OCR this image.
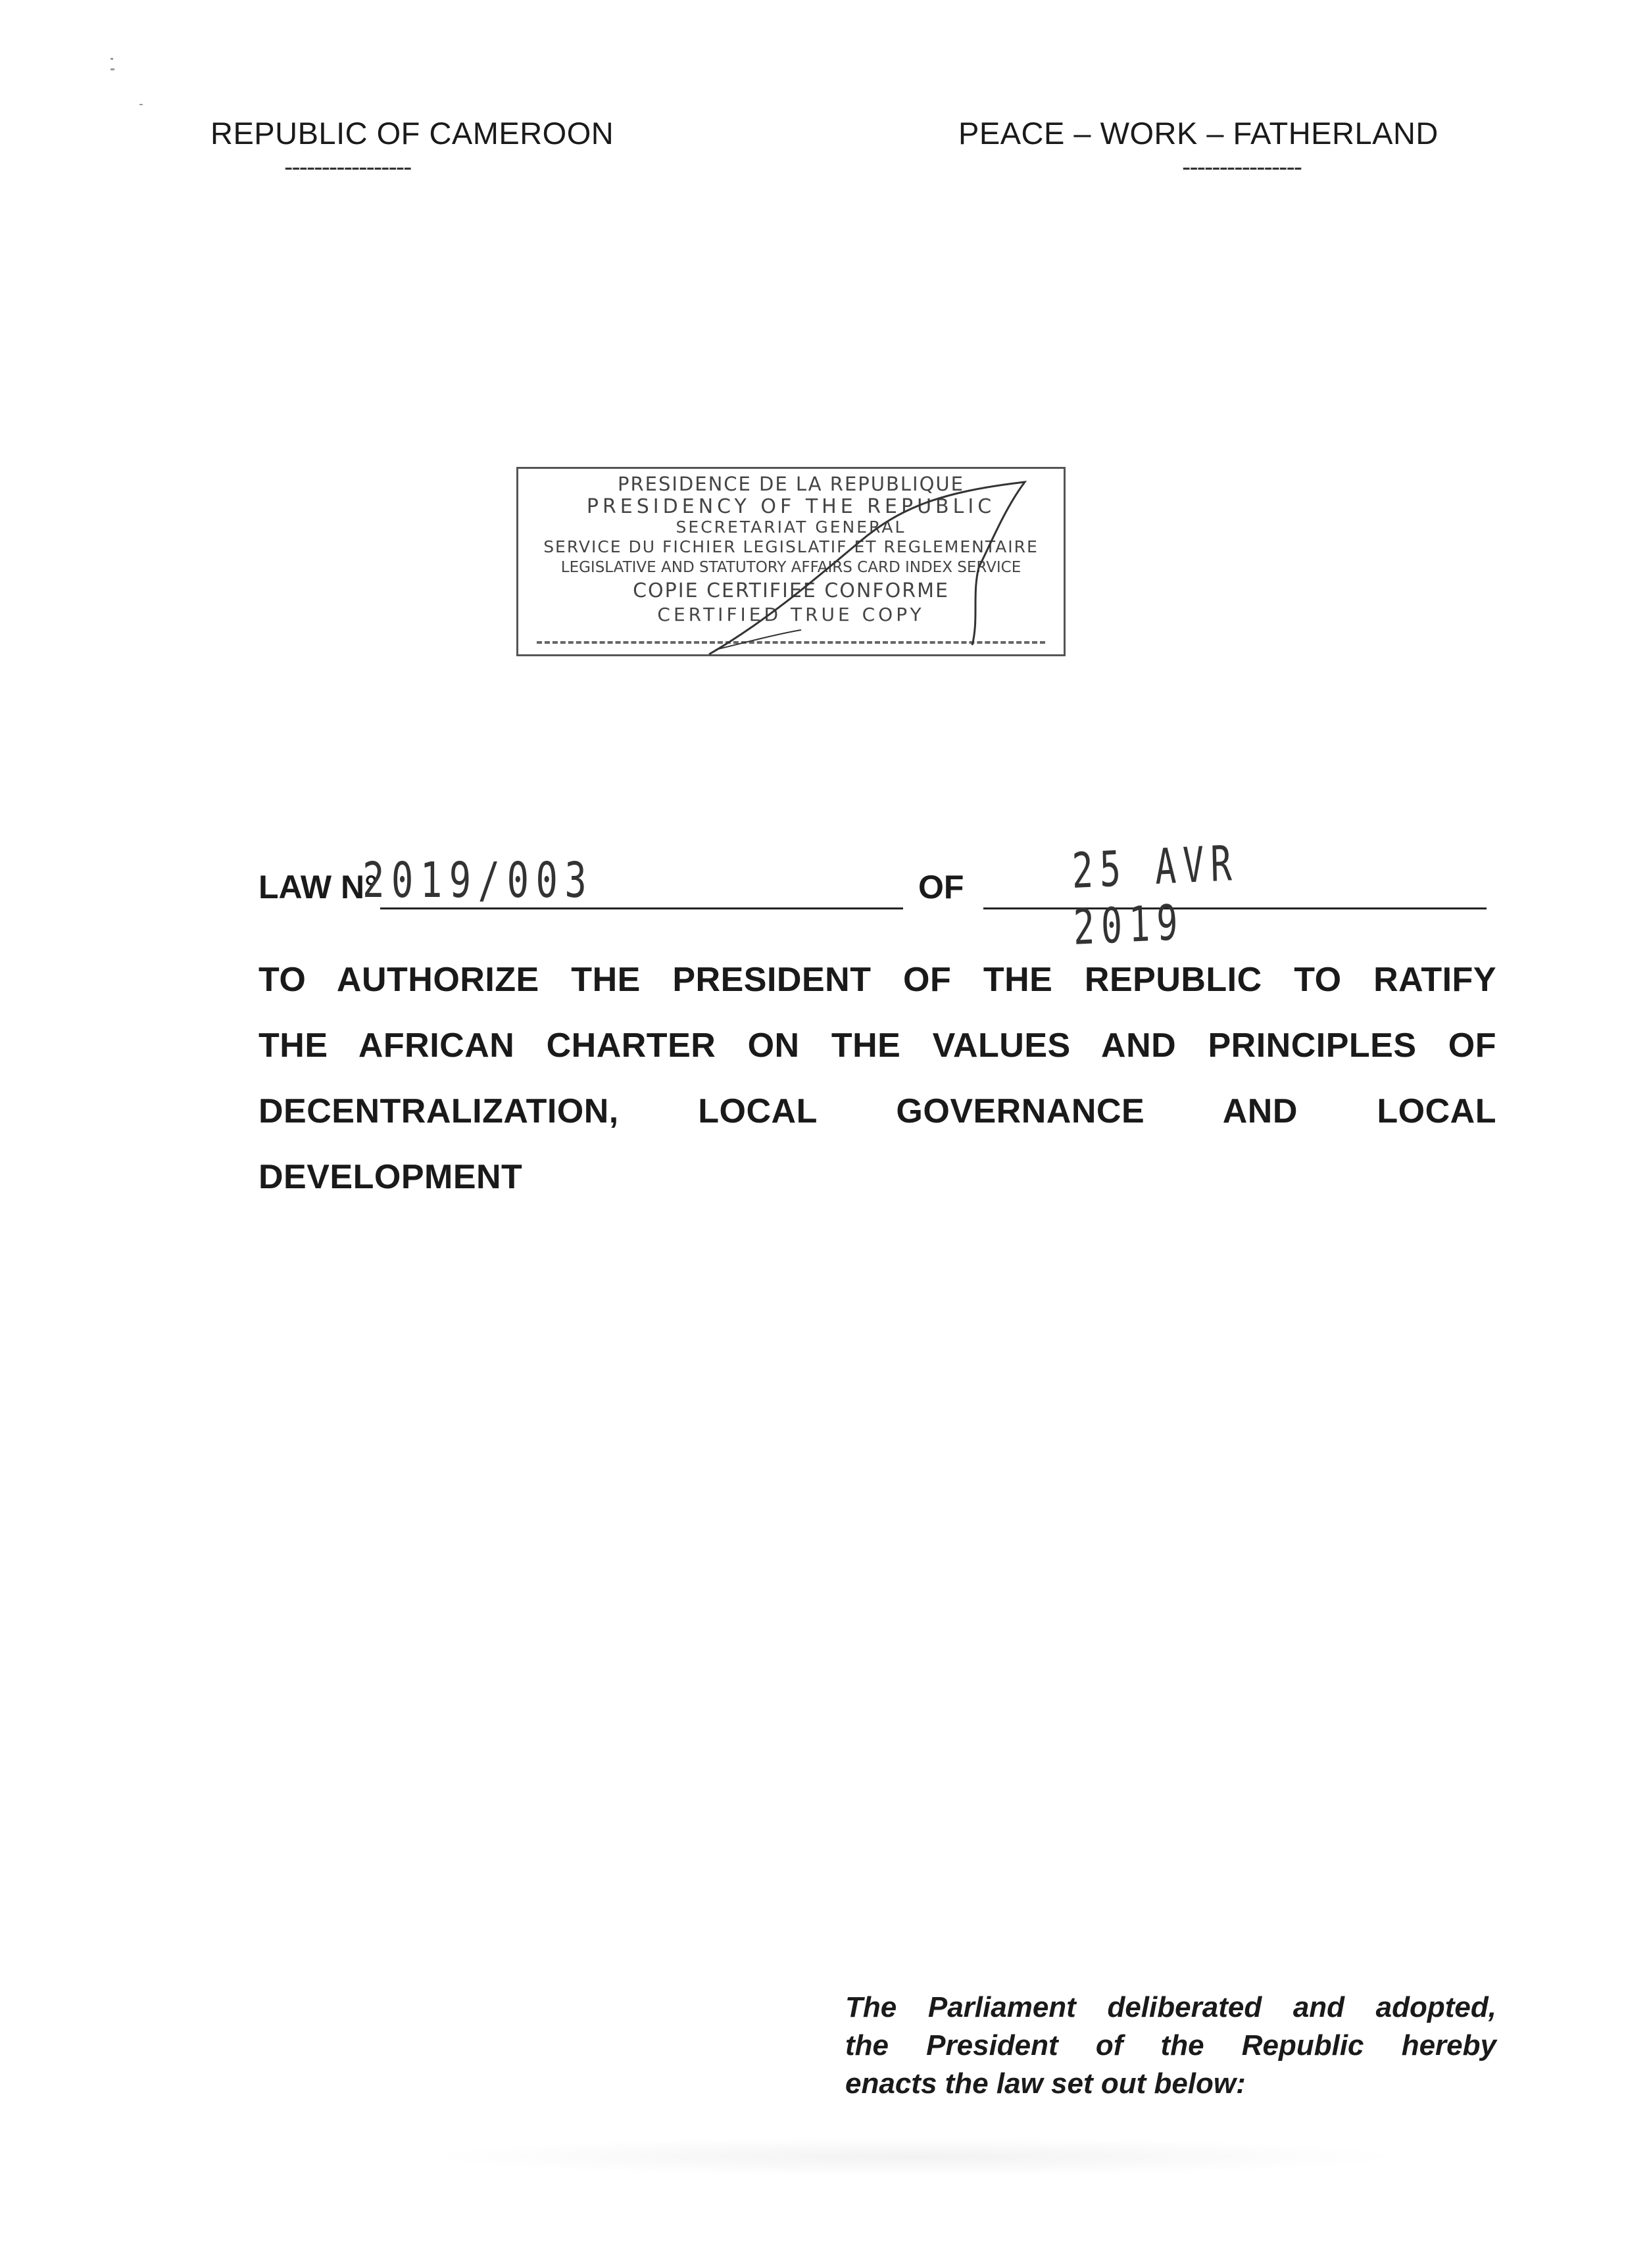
REPUBLIC OF CAMEROON
-----------------
PEACE – WORK – FATHERLAND
----------------
PRESIDENCE DE LA REPUBLIQUE
PRESIDENCY OF THE REPUBLIC
SECRETARIAT GENERAL
SERVICE DU FICHIER LEGISLATIF ET REGLEMENTAIRE
LEGISLATIVE AND STATUTORY AFFAIRS CARD INDEX SERVICE
COPIE CERTIFIEE CONFORME
CERTIFIED TRUE COPY
LAW N°
2019/003	OF 25 AVR 2019
TO AUTHORIZE THE PRESIDENT OF THE REPUBLIC TO RATIFY
THE AFRICAN CHARTER ON THE VALUES AND PRINCIPLES OF
DECENTRALIZATION, LOCAL GOVERNANCE AND LOCAL
DEVELOPMENT
The Parliament deliberated and adopted,
the President of the Republic hereby
enacts the law set out below:
